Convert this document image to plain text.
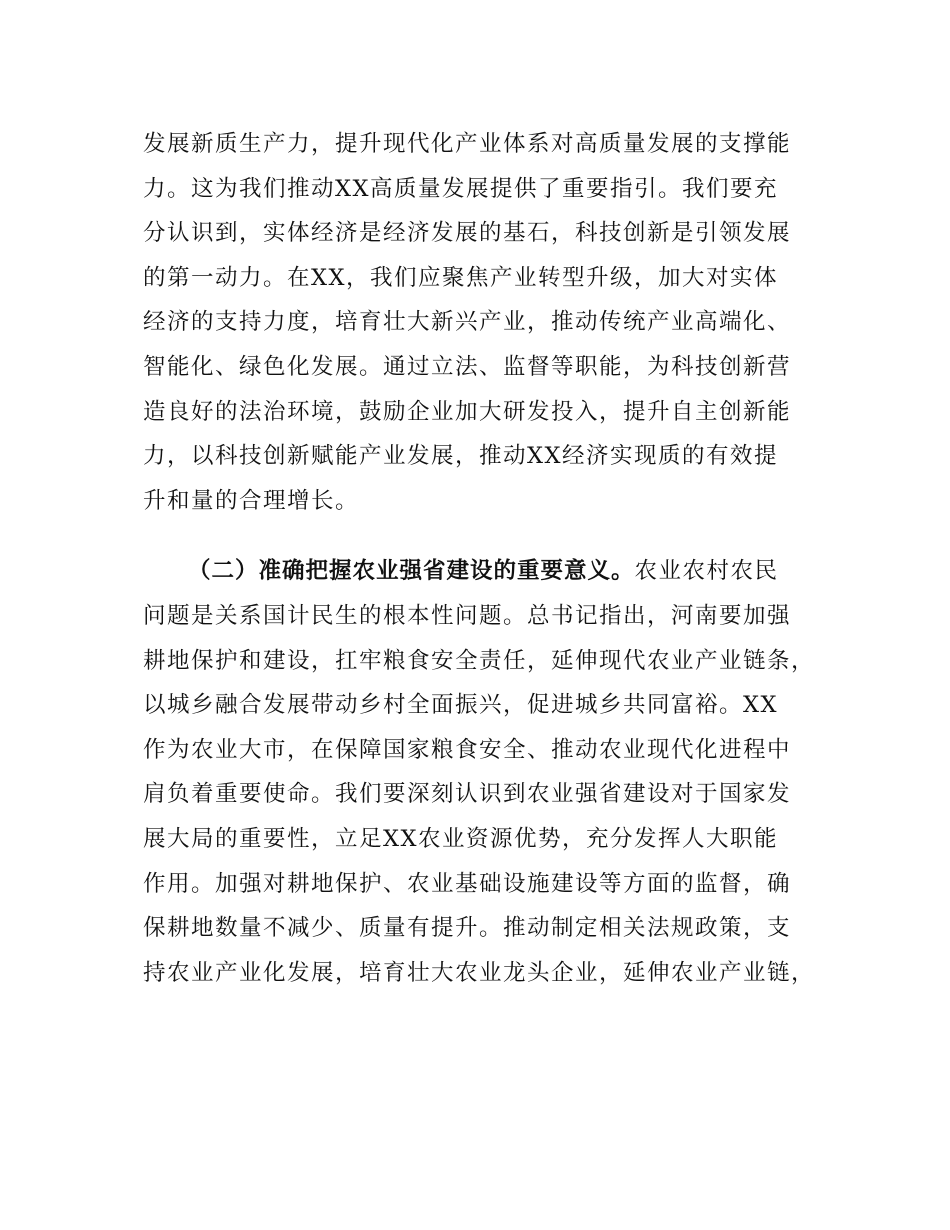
发展新质生产力，提升现代化产业体系对高质量发展的支撑能
力。这为我们推动XX高质量发展提供了重要指引。我们要充
分认识到，实体经济是经济发展的基石，科技创新是引领发展
的第一动力。在XX，我们应聚焦产业转型升级，加大对实体
经济的支持力度，培育壮大新兴产业，推动传统产业高端化、
智能化、绿色化发展。通过立法、监督等职能，为科技创新营
造良好的法治环境，鼓励企业加大研发投入，提升自主创新能
力，以科技创新赋能产业发展，推动XX经济实现质的有效提
升和量的合理增长。
（二）准确把握农业强省建设的重要意义。农业农村农民
问题是关系国计民生的根本性问题。总书记指出，河南要加强
耕地保护和建设，扛牢粮食安全责任，延伸现代农业产业链条，
以城乡融合发展带动乡村全面振兴，促进城乡共同富裕。XX
作为农业大市，在保障国家粮食安全、推动农业现代化进程中
肩负着重要使命。我们要深刻认识到农业强省建设对于国家发
展大局的重要性，立足XX农业资源优势，充分发挥人大职能
作用。加强对耕地保护、农业基础设施建设等方面的监督，确
保耕地数量不减少、质量有提升。推动制定相关法规政策，支
持农业产业化发展，培育壮大农业龙头企业，延伸农业产业链，
